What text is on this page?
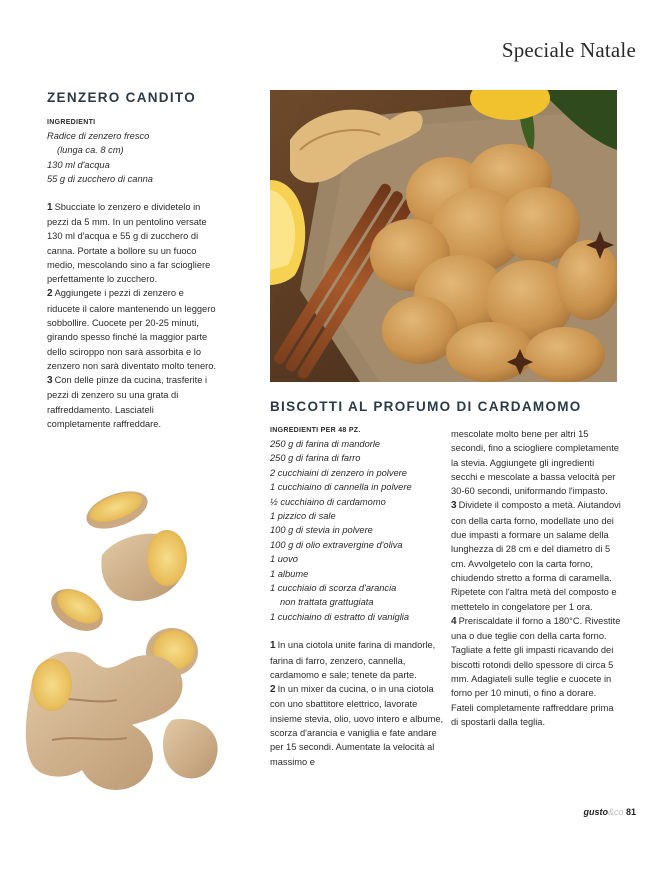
Speciale Natale
ZENZERO CANDITO
INGREDIENTI
Radice di zenzero fresco
(lunga ca. 8 cm)
130 ml d'acqua
55 g di zucchero di canna

1 Sbucciate lo zenzero e dividetelo in pezzi da 5 mm. In un pentolino versate 130 ml d'acqua e 55 g di zucchero di canna. Portate a bollore su un fuoco medio, mescolando sino a far sciogliere perfettamente lo zucchero.

2 Aggiungete i pezzi di zenzero e riducete il calore mantenendo un leggero sobbollire. Cuocete per 20-25 minuti, girando spesso finché la maggior parte dello sciroppo non sarà assorbita e lo zenzero non sarà diventato molto tenero.

3 Con delle pinze da cucina, trasferite i pezzi di zenzero su una grata di raffreddamento. Lasciateli completamente raffreddare.

BISCOTTI AL PROFUMO DI CARDAMOMO
INGREDIENTI PER 48 PZ.
250 g di farina di mandorle
250 g di farina di farro
2 cucchiaini di zenzero in polvere
1 cucchiaino di cannella in polvere
½ cucchiaino di cardamomo
1 pizzico di sale
100 g di stevia in polvere
100 g di olio extravergine d'oliva
1 uovo
1 albume
1 cucchiaio di scorza d'arancia
non trattata grattugiata
1 cucchiaino di estratto di vaniglia

1 In una ciotola unite farina di mandorle, farina di farro, zenzero, cannella, cardamomo e sale; tenete da parte.

2 In un mixer da cucina, o in una ciotola con uno sbattitore elettrico, lavorate insieme stevia, olio, uovo intero e albume, scorza d'arancia e vaniglia e fate andare per 15 secondi. Aumentate la velocità al massimo e

mescolate molto bene per altri 15 secondi, fino a sciogliere completamente la stevia. Aggiungete gli ingredienti secchi e mescolate a bassa velocità per 30-60 secondi, uniformando l'impasto.

3 Dividete il composto a metà. Aiutandovi con della carta forno, modellate uno dei due impasti a formare un salame della lunghezza di 28 cm e del diametro di 5 cm. Avvolgetelo con la carta forno, chiudendo stretto a forma di caramella. Ripetete con l'altra metà del composto e mettetelo in congelatore per 1 ora.

4 Preriscaldate il forno a 180°C. Rivestite una o due teglie con della carta forno. Tagliate a fette gli impasti ricavando dei biscotti rotondi dello spessore di circa 5 mm. Adagiateli sulle teglie e cuocete in forno per 10 minuti, o fino a dorare. Fateli completamente raffreddare prima di spostarli dalla teglia.

gusto&co 81
